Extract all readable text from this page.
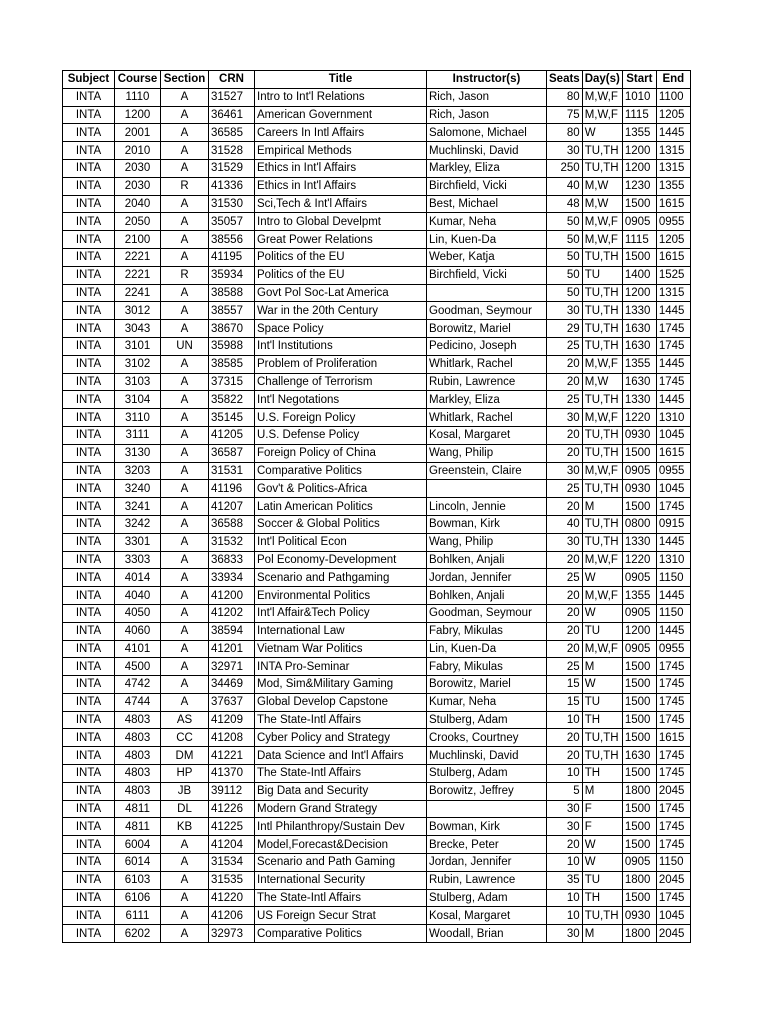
Subject	Course	Section	CRN	Title	Instructor(s)	Seats	Day(s)	Start	End
INTA	1110	A	31527	Intro to Int'l Relations	Rich, Jason	80	M,W,F	1010	1100
INTA	1200	A	36461	American Government	Rich, Jason	75	M,W,F	1115	1205
INTA	2001	A	36585	Careers In Intl Affairs	Salomone, Michael	80	W	1355	1445
INTA	2010	A	31528	Empirical Methods	Muchlinski, David	30	TU,TH	1200	1315
INTA	2030	A	31529	Ethics in Int'l Affairs	Markley, Eliza	250	TU,TH	1200	1315
INTA	2030	R	41336	Ethics in Int'l Affairs	Birchfield, Vicki	40	M,W	1230	1355
INTA	2040	A	31530	Sci,Tech & Int'l Affairs	Best, Michael	48	M,W	1500	1615
INTA	2050	A	35057	Intro to Global Develpmt	Kumar, Neha	50	M,W,F	0905	0955
INTA	2100	A	38556	Great Power Relations	Lin, Kuen-Da	50	M,W,F	1115	1205
INTA	2221	A	41195	Politics of the EU	Weber, Katja	50	TU,TH	1500	1615
INTA	2221	R	35934	Politics of the EU	Birchfield, Vicki	50	TU	1400	1525
INTA	2241	A	38588	Govt Pol Soc-Lat America		50	TU,TH	1200	1315
INTA	3012	A	38557	War in the 20th Century	Goodman, Seymour	30	TU,TH	1330	1445
INTA	3043	A	38670	Space Policy	Borowitz, Mariel	29	TU,TH	1630	1745
INTA	3101	UN	35988	Int'l Institutions	Pedicino, Joseph	25	TU,TH	1630	1745
INTA	3102	A	38585	Problem of Proliferation	Whitlark, Rachel	20	M,W,F	1355	1445
INTA	3103	A	37315	Challenge of Terrorism	Rubin, Lawrence	20	M,W	1630	1745
INTA	3104	A	35822	Int'l Negotations	Markley, Eliza	25	TU,TH	1330	1445
INTA	3110	A	35145	U.S. Foreign Policy	Whitlark, Rachel	30	M,W,F	1220	1310
INTA	3111	A	41205	U.S. Defense Policy	Kosal, Margaret	20	TU,TH	0930	1045
INTA	3130	A	36587	Foreign Policy of China	Wang, Philip	20	TU,TH	1500	1615
INTA	3203	A	31531	Comparative Politics	Greenstein, Claire	30	M,W,F	0905	0955
INTA	3240	A	41196	Gov't & Politics-Africa		25	TU,TH	0930	1045
INTA	3241	A	41207	Latin American Politics	Lincoln, Jennie	20	M	1500	1745
INTA	3242	A	36588	Soccer & Global Politics	Bowman, Kirk	40	TU,TH	0800	0915
INTA	3301	A	31532	Int'l Political Econ	Wang, Philip	30	TU,TH	1330	1445
INTA	3303	A	36833	Pol Economy-Development	Bohlken, Anjali	20	M,W,F	1220	1310
INTA	4014	A	33934	Scenario and Pathgaming	Jordan, Jennifer	25	W	0905	1150
INTA	4040	A	41200	Environmental Politics	Bohlken, Anjali	20	M,W,F	1355	1445
INTA	4050	A	41202	Int'l Affair&Tech Policy	Goodman, Seymour	20	W	0905	1150
INTA	4060	A	38594	International Law	Fabry, Mikulas	20	TU	1200	1445
INTA	4101	A	41201	Vietnam War Politics	Lin, Kuen-Da	20	M,W,F	0905	0955
INTA	4500	A	32971	INTA Pro-Seminar	Fabry, Mikulas	25	M	1500	1745
INTA	4742	A	34469	Mod, Sim&Military Gaming	Borowitz, Mariel	15	W	1500	1745
INTA	4744	A	37637	Global Develop Capstone	Kumar, Neha	15	TU	1500	1745
INTA	4803	AS	41209	The State-Intl Affairs	Stulberg, Adam	10	TH	1500	1745
INTA	4803	CC	41208	Cyber Policy and Strategy	Crooks, Courtney	20	TU,TH	1500	1615
INTA	4803	DM	41221	Data Science and Int'l Affairs	Muchlinski, David	20	TU,TH	1630	1745
INTA	4803	HP	41370	The State-Intl Affairs	Stulberg, Adam	10	TH	1500	1745
INTA	4803	JB	39112	Big Data and Security	Borowitz, Jeffrey	5	M	1800	2045
INTA	4811	DL	41226	Modern Grand Strategy		30	F	1500	1745
INTA	4811	KB	41225	Intl Philanthropy/Sustain Dev	Bowman, Kirk	30	F	1500	1745
INTA	6004	A	41204	Model,Forecast&Decision	Brecke, Peter	20	W	1500	1745
INTA	6014	A	31534	Scenario and Path Gaming	Jordan, Jennifer	10	W	0905	1150
INTA	6103	A	31535	International Security	Rubin, Lawrence	35	TU	1800	2045
INTA	6106	A	41220	The State-Intl Affairs	Stulberg, Adam	10	TH	1500	1745
INTA	6111	A	41206	US Foreign Secur Strat	Kosal, Margaret	10	TU,TH	0930	1045
INTA	6202	A	32973	Comparative Politics	Woodall, Brian	30	M	1800	2045
